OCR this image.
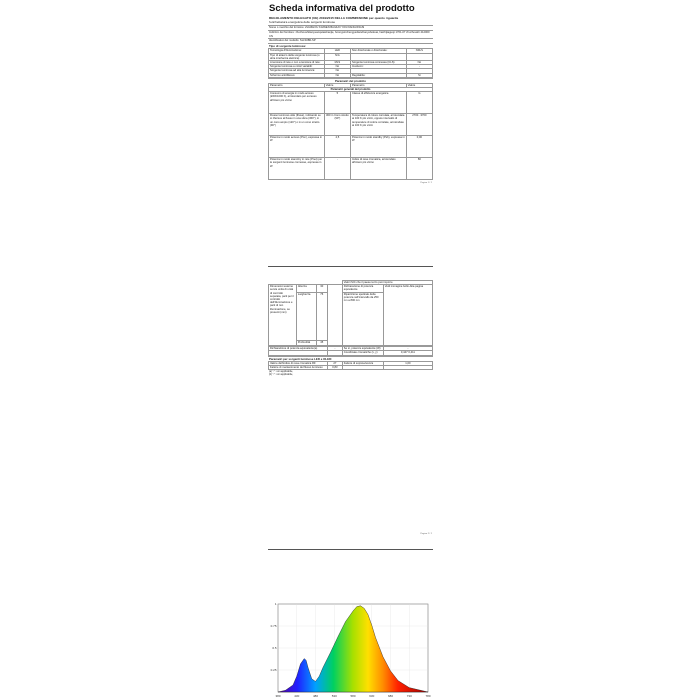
Scheda informativa del prodotto
REGOLAMENTO DELEGATO (UE) 2019/2015 DELLA COMMISSIONE per quanto riguarda
l'etichettatura energetica delle sorgenti luminose
Nome o marchio del fornitore: ZHUZHOU KAIWEN BAIHUO YOUXIANGONGSI
Indirizzo del fornitore: zhuzhoushitianyuanqutaishanjie, furongxinchengyedianchanyebokuai, haizhijiaguoji 1701-07 zhuzhoushi 412000 CN
Identificativo del modello: SH-S0B0-SP
Tipo di sorgente luminosa:
Tecnologia d'illuminazione:	LED	Non direzionale o direzionale:	NDLS
Tipo di attacco della sorgente luminosa (o altra interfaccia elettrica)	N/A		
A tensione di rete o non a tensione di rete:	MLS	Sorgente luminosa connessa (CLS):	No
Sorgente luminosa a colori variabili:	No	Involucro:	-
Sorgente luminosa ad alta luminanza:	No		
Schermo antiriflesso:	No	Regolabile:	Sì
Parametri del prodotto
Parametro	Valore	Parametro	Valore
Parametri generali del prodotto			
Consumo di energia in modo acceso (kWh/1000 h), arrotondato per eccesso all'intero più vicino	5	Classe di efficienza energetica	G
Flusso luminoso utile (Φuse), indicando se si riferisce al flusso in una sfera (360°), in un cono ampio (120°) o in un cono stretto (90°)	300 in Cono stretto (90°)	Temperatura di colore correlata, arrotondata ai 100 K più vicini, oppure intervallo di temperature di colore correlate, arrotondate ai 100 K più vicini	2700...3700
Potenza in modo acceso (Pon), espressa in W	4,5	Potenza in modo standby (Psb), espressa in W	0,00
Potenza in modo stand-by in rete (Pnet) per le sorgenti luminose connesse, espressa in W	-	Indice di resa cromatica, arrotondato all'intero più vicino	80
Pagina 1 / 2
				Valori SIC che il paese terzo può imporre	
Dimensioni esterne senza unità di unità di controllo separata, parti per il controllo dell'illuminazione e parti di non illuminazione, se presenti (mm)	Altezza	30		Dichiarazione di potenza equivalente	Vedi immagine bollo-Alta pagina
	Larghezza	76		Ripartizione spettrale della potenza nell'intervallo da 250 nm a 800 nm	
	Profondità	45			
Dichiarazione di potenza equivalente(a)	-	Se sì, potenza equivalente (W)	-
		Coordinate cromatiche (x, y)	0,447 0,411
Parametri per sorgenti luminose LED e OLED:
Valore dell'indice di resa cromatica R9	27	Fattore di sopravvivenza	1,00
Fattore di mantenimento del flusso luminoso	0,83		
(a) "-": non applicabile,
(b) "-": non applicabile,
Pagina 2 / 2
380	430	480	530	580	630	680	730	780
1
0.75
0.5
0.25
